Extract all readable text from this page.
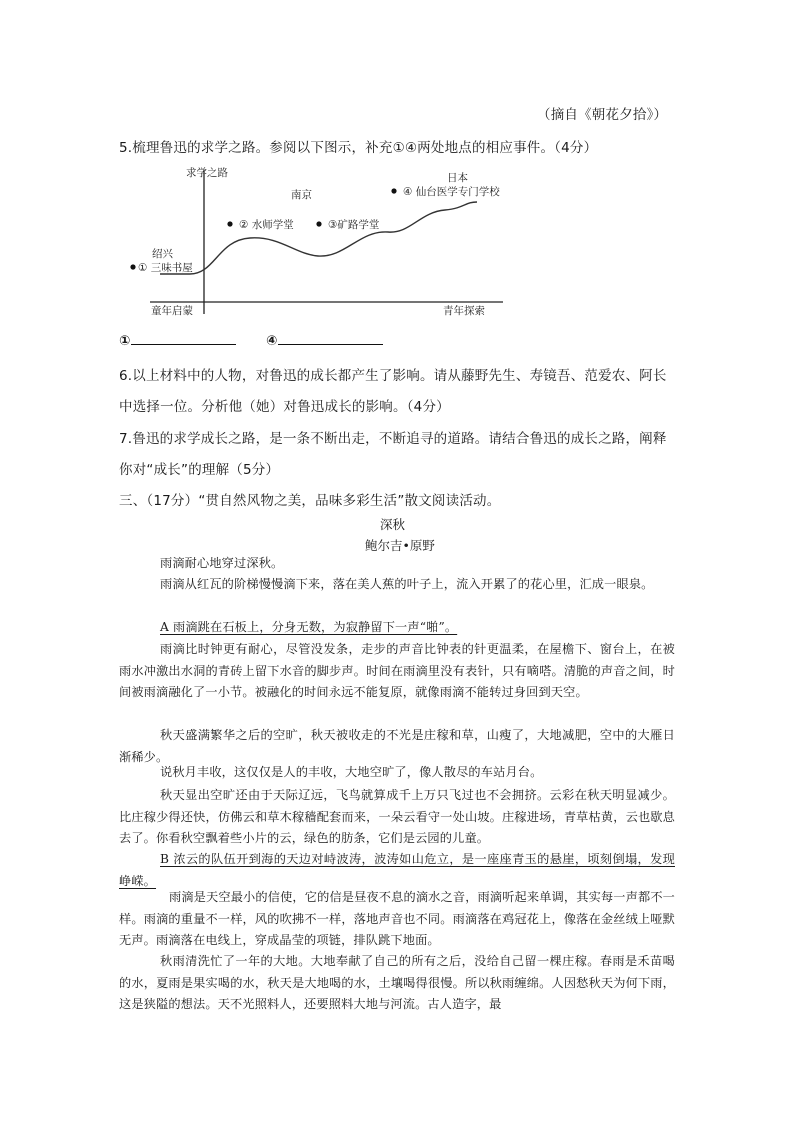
（摘自《朝花夕拾》）
5.梳理鲁迅的求学之路。参阅以下图示，补充①④两处地点的相应事件。（4分）
求学之路
绍兴
① 三味书屋
南京
② 水师学堂	③矿路学堂
日本
④ 仙台医学专门学校
童年启蒙	青年探索
①	④
6.以上材料中的人物，对鲁迅的成长都产生了影响。请从藤野先生、寿镜吾、范爱农、阿长
中选择一位。分析他（她）对鲁迅成长的影响。（4分）
7.鲁迅的求学成长之路，是一条不断出走，不断追寻的道路。请结合鲁迅的成长之路，阐释
你对“成长”的理解（5分）
三、（17分）“贯自然风物之美，品味多彩生活”散文阅读活动。
深秋
鲍尔吉•原野
雨滴耐心地穿过深秋。
雨滴从红瓦的阶梯慢慢滴下来，落在美人蕉的叶子上，流入开累了的花心里，汇成一眼泉。
A 雨滴跳在石板上，分身无数，为寂静留下一声“啪”。
雨滴比时钟更有耐心，尽管没发条，走步的声音比钟表的针更温柔，在屋檐下、窗台上，在被雨水冲激出水洞的青砖上留下水音的脚步声。时间在雨滴里没有表针，只有嘀嗒。清脆的声音之间，时间被雨滴融化了一小节。被融化的时间永远不能复原，就像雨滴不能转过身回到天空。
秋天盛满繁华之后的空旷，秋天被收走的不光是庄稼和草，山瘦了，大地减肥，空中的大雁日渐稀少。
说秋月丰收，这仅仅是人的丰收，大地空旷了，像人散尽的车站月台。
秋天显出空旷还由于天际辽远，飞鸟就算成千上万只飞过也不会拥挤。云彩在秋天明显减少。比庄稼少得还快，仿佛云和草木稼穑配套而来，一朵云看守一处山坡。庄稼进场，青草枯黄，云也歇息去了。你看秋空飘着些小片的云，绿色的肪条，它们是云园的儿童。
B 浓云的队伍开到海的天边对峙波涛，波涛如山危立，是一座座青玉的悬崖，顷刻倒塌，发现峥嵘。
雨滴是天空最小的信使，它的信是昼夜不息的滴水之音，雨滴听起来单调，其实每一声都不一样。雨滴的重量不一样，风的吹拂不一样，落地声音也不同。雨滴落在鸡冠花上，像落在金丝绒上哑默无声。雨滴落在电线上，穿成晶莹的项链，排队跳下地面。
秋雨清洗忙了一年的大地。大地奉献了自己的所有之后，没给自己留一棵庄稼。春雨是禾苗喝的水，夏雨是果实喝的水，秋天是大地喝的水，土壤喝得很慢。所以秋雨缠绵。人因愁秋天为何下雨，这是狭隘的想法。天不光照料人，还要照料大地与河流。古人造字，最
